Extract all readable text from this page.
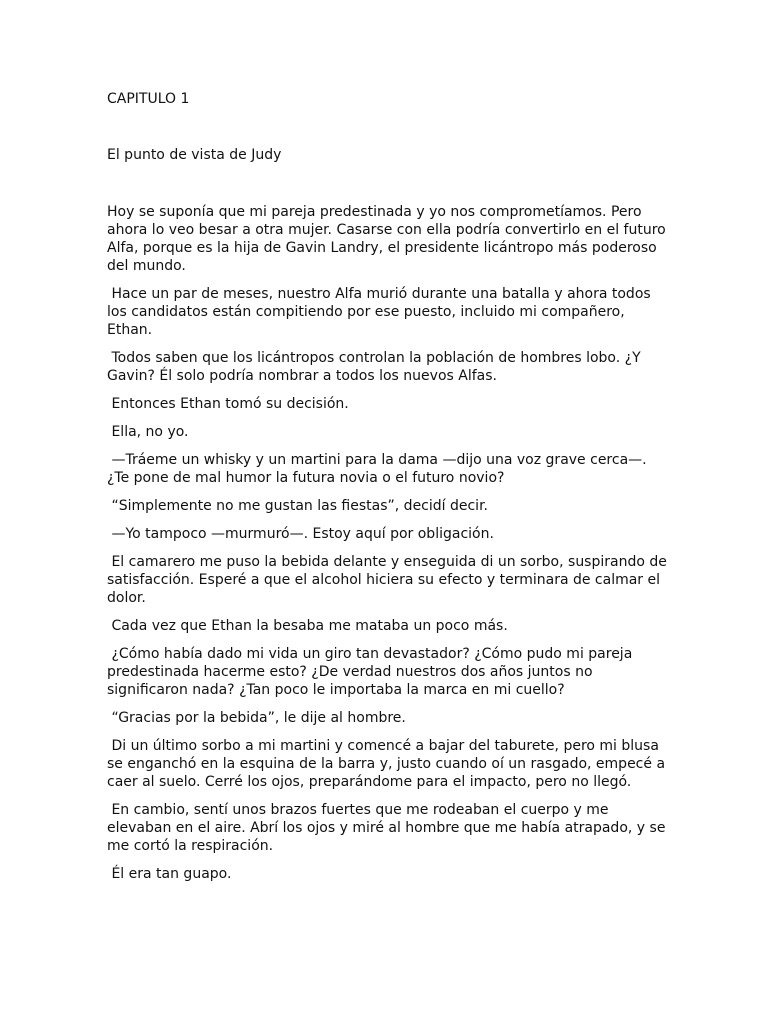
CAPITULO 1

El punto de vista de Judy

Hoy se suponía que mi pareja predestinada y yo nos comprometíamos. Pero ahora lo veo besar a otra mujer. Casarse con ella podría convertirlo en el futuro Alfa, porque es la hija de Gavin Landry, el presidente licántropo más poderoso del mundo.

Hace un par de meses, nuestro Alfa murió durante una batalla y ahora todos los candidatos están compitiendo por ese puesto, incluido mi compañero, Ethan.

Todos saben que los licántropos controlan la población de hombres lobo. ¿Y Gavin? Él solo podría nombrar a todos los nuevos Alfas.

Entonces Ethan tomó su decisión.

Ella, no yo.

—Tráeme un whisky y un martini para la dama —dijo una voz grave cerca—. ¿Te pone de mal humor la futura novia o el futuro novio?

“Simplemente no me gustan las fiestas”, decidí decir.

—Yo tampoco —murmuró—. Estoy aquí por obligación.

El camarero me puso la bebida delante y enseguida di un sorbo, suspirando de satisfacción. Esperé a que el alcohol hiciera su efecto y terminara de calmar el dolor.

Cada vez que Ethan la besaba me mataba un poco más.

¿Cómo había dado mi vida un giro tan devastador? ¿Cómo pudo mi pareja predestinada hacerme esto? ¿De verdad nuestros dos años juntos no significaron nada? ¿Tan poco le importaba la marca en mi cuello?

“Gracias por la bebida”, le dije al hombre.

Di un último sorbo a mi martini y comencé a bajar del taburete, pero mi blusa se enganchó en la esquina de la barra y, justo cuando oí un rasgado, empecé a caer al suelo. Cerré los ojos, preparándome para el impacto, pero no llegó.

En cambio, sentí unos brazos fuertes que me rodeaban el cuerpo y me elevaban en el aire. Abrí los ojos y miré al hombre que me había atrapado, y se me cortó la respiración.

Él era tan guapo.
